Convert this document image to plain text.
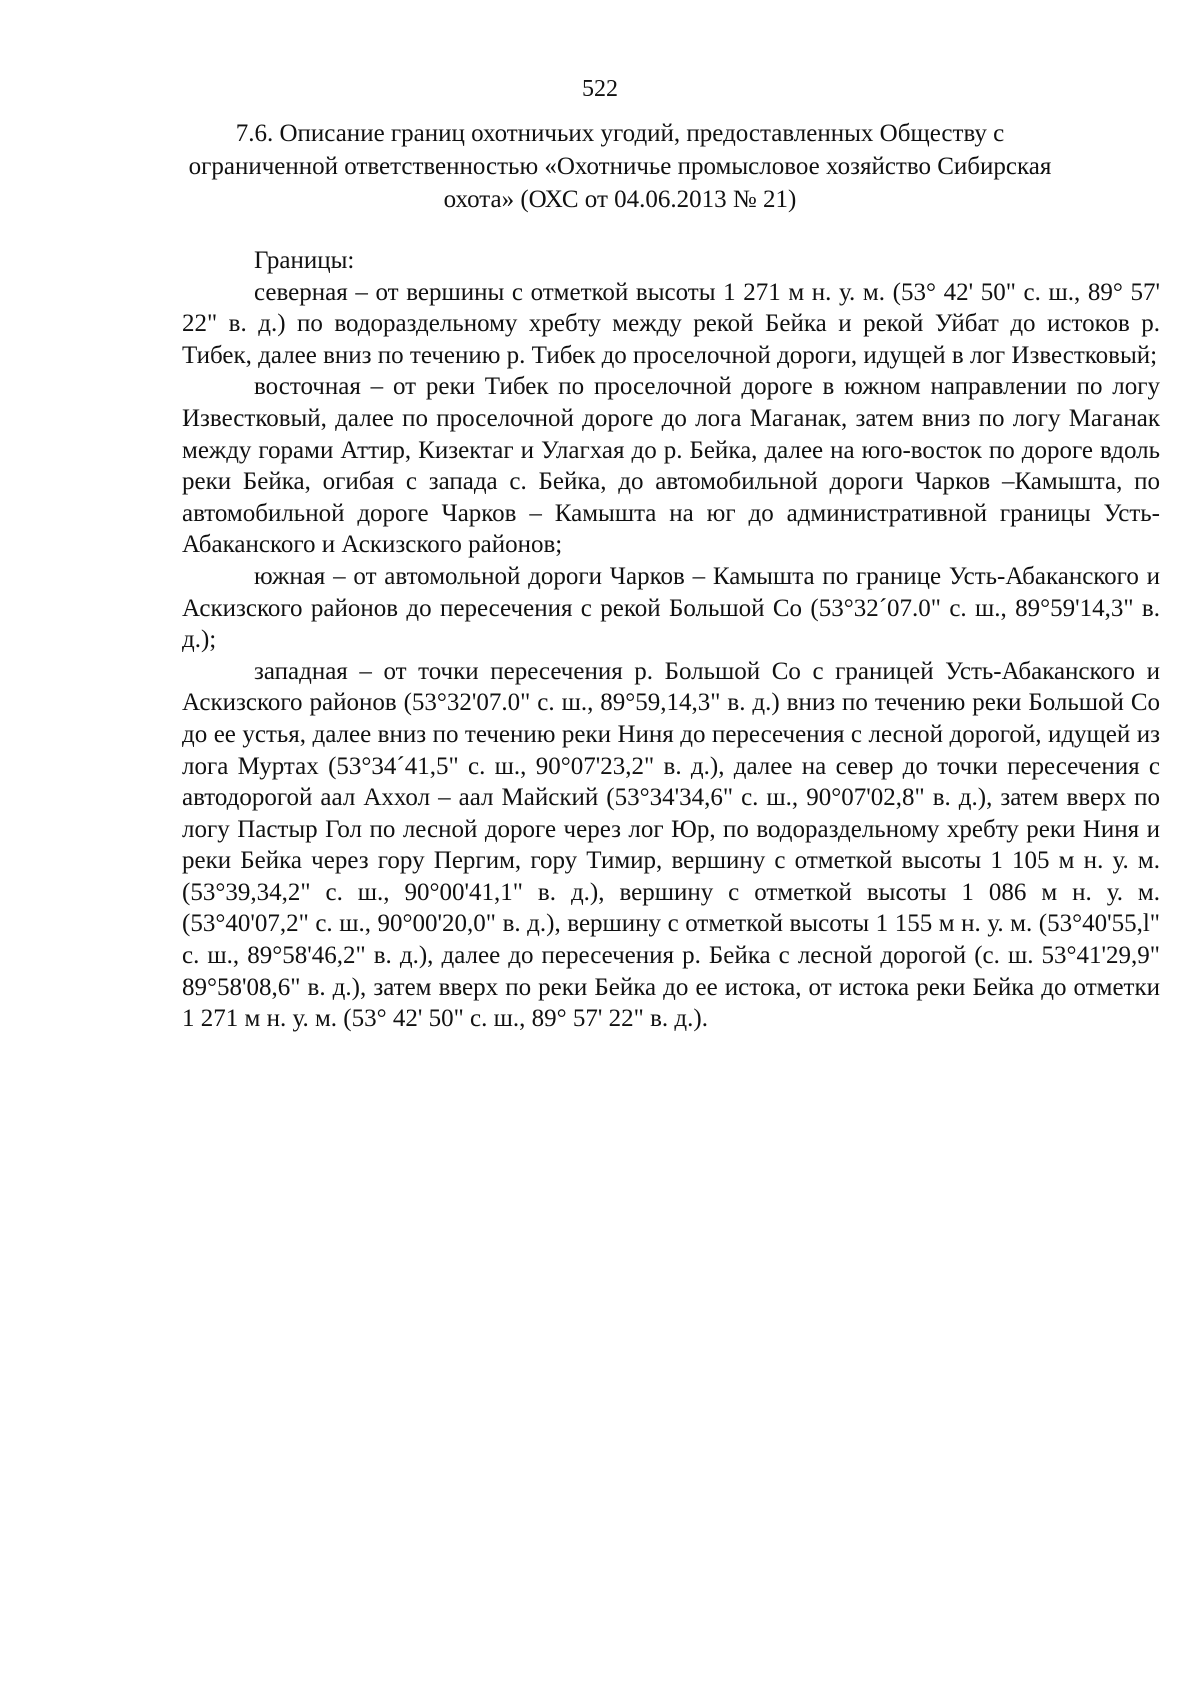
522
7.6. Описание границ охотничьих угодий, предоставленных Обществу с
ограниченной ответственностью «Охотничье промысловое хозяйство Сибирская
охота» (ОХС от 04.06.2013 № 21)

Границы:

северная – от вершины с отметкой высоты 1 271 м н. у. м. (53° 42' 50" с. ш., 89° 57' 22" в. д.) по водораздельному хребту между рекой Бейка и рекой Уйбат до истоков р. Тибек, далее вниз по течению р. Тибек до проселочной дороги, идущей в лог Известковый;

восточная – от реки Тибек по проселочной дороге в южном направлении по логу Известковый, далее по проселочной дороге до лога Маганак, затем вниз по логу Маганак между горами Аттир, Кизектаг и Улагхая до р. Бейка, далее на юго-восток по дороге вдоль реки Бейка, огибая с запада с. Бейка, до автомобильной дороги Чарков –Камышта, по автомобильной дороге Чарков – Камышта на юг до административной границы Усть-Абаканского и Аскизского районов;

южная – от автомольной дороги Чарков – Камышта по границе Усть-Абаканского и Аскизского районов до пересечения с рекой Большой Со (53°32´07.0" с. ш., 89°59'14,3" в. д.);

западная – от точки пересечения р. Большой Со с границей Усть-Абаканского и Аскизского районов (53°32'07.0" с. ш., 89°59,14,3" в. д.) вниз по течению реки Большой Со до ее устья, далее вниз по течению реки Ниня до пересечения с лесной дорогой, идущей из лога Муртах (53°34´41,5" с. ш., 90°07'23,2" в. д.), далее на север до точки пересечения с автодорогой аал Аххол – аал Майский (53°34'34,6" с. ш., 90°07'02,8" в. д.), затем вверх по логу Пастыр Гол по лесной дороге через лог Юр, по водораздельному хребту реки Ниня и реки Бейка через гору Пергим, гору Тимир, вершину с отметкой высоты 1 105 м н. у. м.(53°39,34,2" с. ш., 90°00'41,1" в. д.), вершину с отметкой высоты 1 086 м н. у. м. (53°40'07,2" с. ш., 90°00'20,0" в. д.), вершину с отметкой высоты 1 155 м н. у. м. (53°40'55,l" с. ш., 89°58'46,2" в. д.), далее до пересечения р. Бейка с лесной дорогой (с. ш. 53°41'29,9" 89°58'08,6" в. д.), затем вверх по реки Бейка до ее истока, от истока реки Бейка до отметки 1 271 м н. у. м. (53° 42' 50" с. ш., 89° 57' 22" в. д.).
